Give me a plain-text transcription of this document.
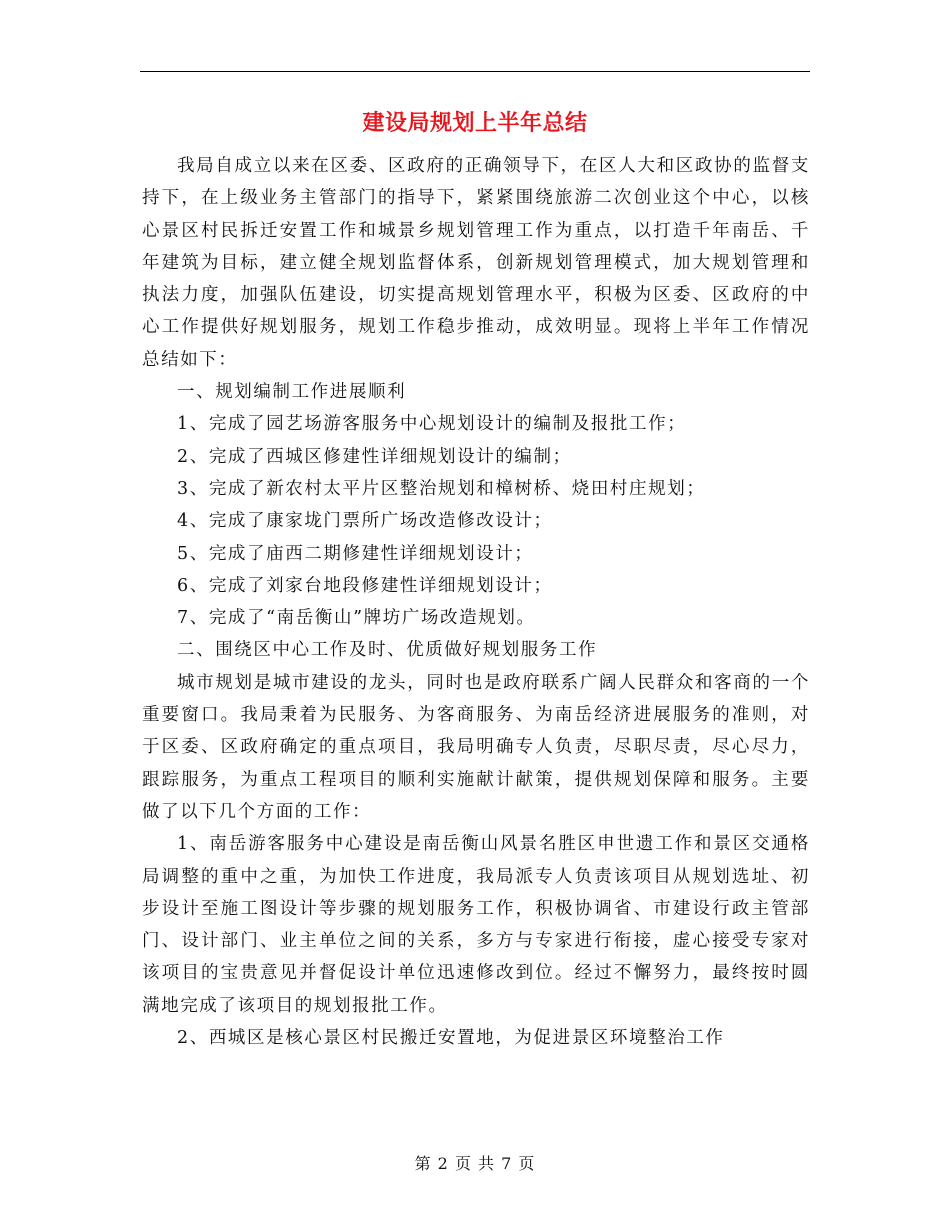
建设局规划上半年总结

我局自成立以来在区委、区政府的正确领导下，在区人大和区政协的监督支持下，在上级业务主管部门的指导下，紧紧围绕旅游二次创业这个中心，以核心景区村民拆迁安置工作和城景乡规划管理工作为重点，以打造千年南岳、千年建筑为目标，建立健全规划监督体系，创新规划管理模式，加大规划管理和执法力度，加强队伍建设，切实提高规划管理水平，积极为区委、区政府的中心工作提供好规划服务，规划工作稳步推动，成效明显。现将上半年工作情况总结如下：

一、规划编制工作进展顺利

1、完成了园艺场游客服务中心规划设计的编制及报批工作；

2、完成了西城区修建性详细规划设计的编制；

3、完成了新农村太平片区整治规划和樟树桥、烧田村庄规划；

4、完成了康家垅门票所广场改造修改设计；

5、完成了庙西二期修建性详细规划设计；

6、完成了刘家台地段修建性详细规划设计；

7、完成了“南岳衡山”牌坊广场改造规划。

二、围绕区中心工作及时、优质做好规划服务工作

城市规划是城市建设的龙头，同时也是政府联系广阔人民群众和客商的一个重要窗口。我局秉着为民服务、为客商服务、为南岳经济进展服务的准则，对于区委、区政府确定的重点项目，我局明确专人负责，尽职尽责，尽心尽力，跟踪服务，为重点工程项目的顺利实施献计献策，提供规划保障和服务。主要做了以下几个方面的工作：

1、南岳游客服务中心建设是南岳衡山风景名胜区申世遗工作和景区交通格局调整的重中之重，为加快工作进度，我局派专人负责该项目从规划选址、初步设计至施工图设计等步骤的规划服务工作，积极协调省、市建设行政主管部门、设计部门、业主单位之间的关系，多方与专家进行衔接，虚心接受专家对该项目的宝贵意见并督促设计单位迅速修改到位。经过不懈努力，最终按时圆满地完成了该项目的规划报批工作。

2、西城区是核心景区村民搬迁安置地，为促进景区环境整治工作

第 2 页 共 7 页
